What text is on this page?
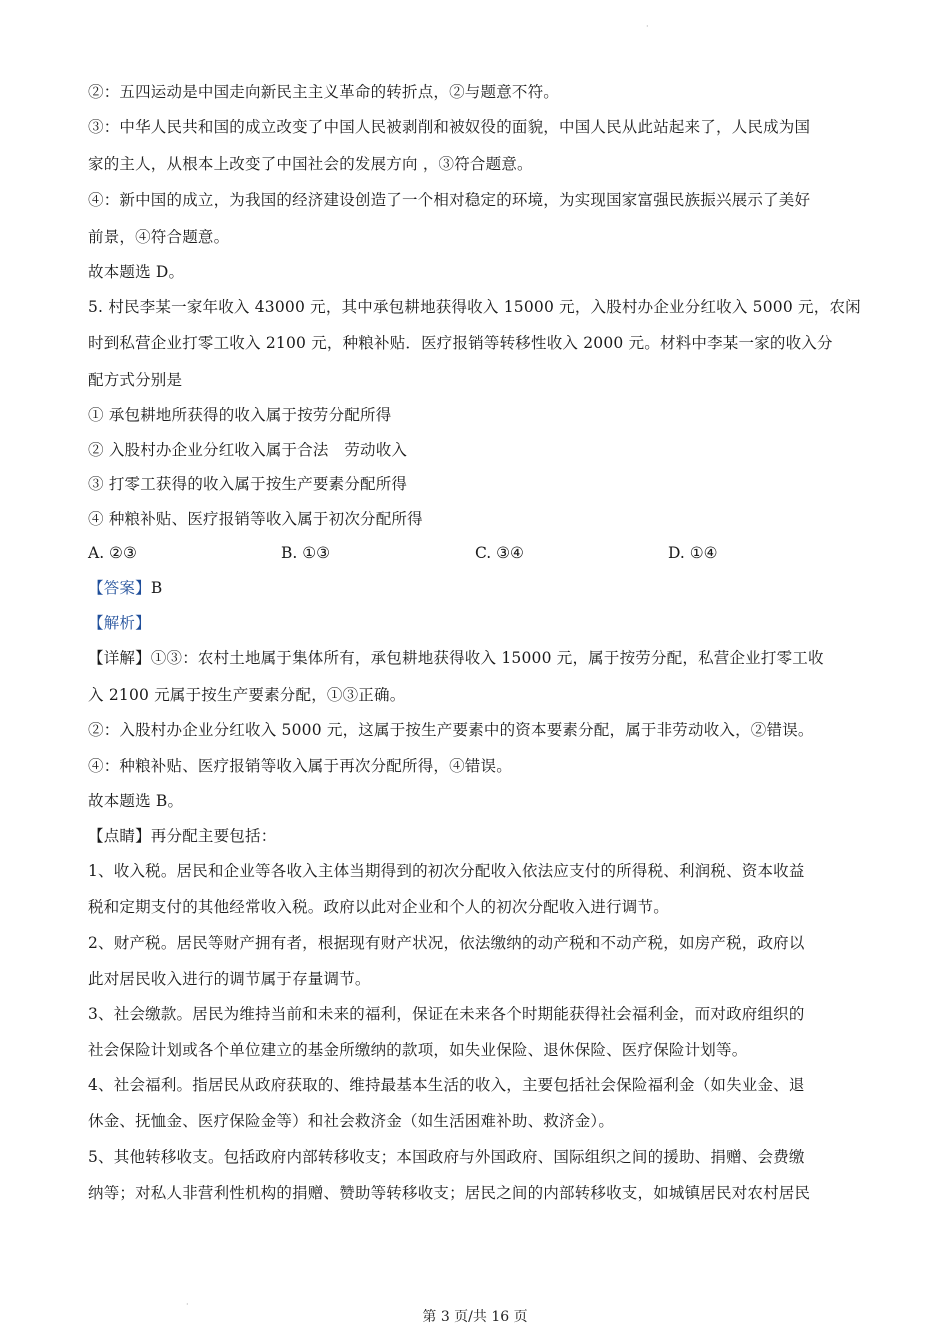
·
②：五四运动是中国走向新民主主义革命的转折点，②与题意不符。
③：中华人民共和国的成立改变了中国人民被剥削和被奴役的面貌，中国人民从此站起来了，人民成为国
家的主人，从根本上改变了中国社会的发展方向 ，③符合题意。
④：新中国的成立，为我国的经济建设创造了一个相对稳定的环境，为实现国家富强民族振兴展示了美好
前景，④符合题意。
故本题选 D。
5. 村民李某一家年收入 43000 元，其中承包耕地获得收入 15000 元，入股村办企业分红收入 5000 元，农闲
时到私营企业打零工收入 2100 元，种粮补贴．医疗报销等转移性收入 2000 元。材料中李某一家的收入分
配方式分别是
① 承包耕地所获得的收入属于按劳分配所得
② 入股村办企业分红收入属于合法　劳动收入
③ 打零工获得的收入属于按生产要素分配所得
④ 种粮补贴、医疗报销等收入属于初次分配所得
A. ②③	B. ①③	C. ③④	D. ①④
【答案】B
【解析】
【详解】①③：农村土地属于集体所有，承包耕地获得收入 15000 元，属于按劳分配，私营企业打零工收
入 2100 元属于按生产要素分配，①③正确。
②：入股村办企业分红收入 5000 元，这属于按生产要素中的资本要素分配，属于非劳动收入，②错误。
④：种粮补贴、医疗报销等收入属于再次分配所得，④错误。
故本题选 B。
【点睛】再分配主要包括：
1、收入税。居民和企业等各收入主体当期得到的初次分配收入依法应支付的所得税、利润税、资本收益
税和定期支付的其他经常收入税。政府以此对企业和个人的初次分配收入进行调节。
2、财产税。居民等财产拥有者，根据现有财产状况，依法缴纳的动产税和不动产税，如房产税，政府以
此对居民收入进行的调节属于存量调节。
3、社会缴款。居民为维持当前和未来的福利，保证在未来各个时期能获得社会福利金，而对政府组织的
社会保险计划或各个单位建立的基金所缴纳的款项，如失业保险、退休保险、医疗保险计划等。
4、社会福利。指居民从政府获取的、维持最基本生活的收入，主要包括社会保险福利金（如失业金、退
休金、抚恤金、医疗保险金等）和社会救济金（如生活困难补助、救济金）。
5、其他转移收支。包括政府内部转移收支；本国政府与外国政府、国际组织之间的援助、捐赠、会费缴
纳等；对私人非营利性机构的捐赠、赞助等转移收支；居民之间的内部转移收支，如城镇居民对农村居民
·
第 3 页/共 16 页
